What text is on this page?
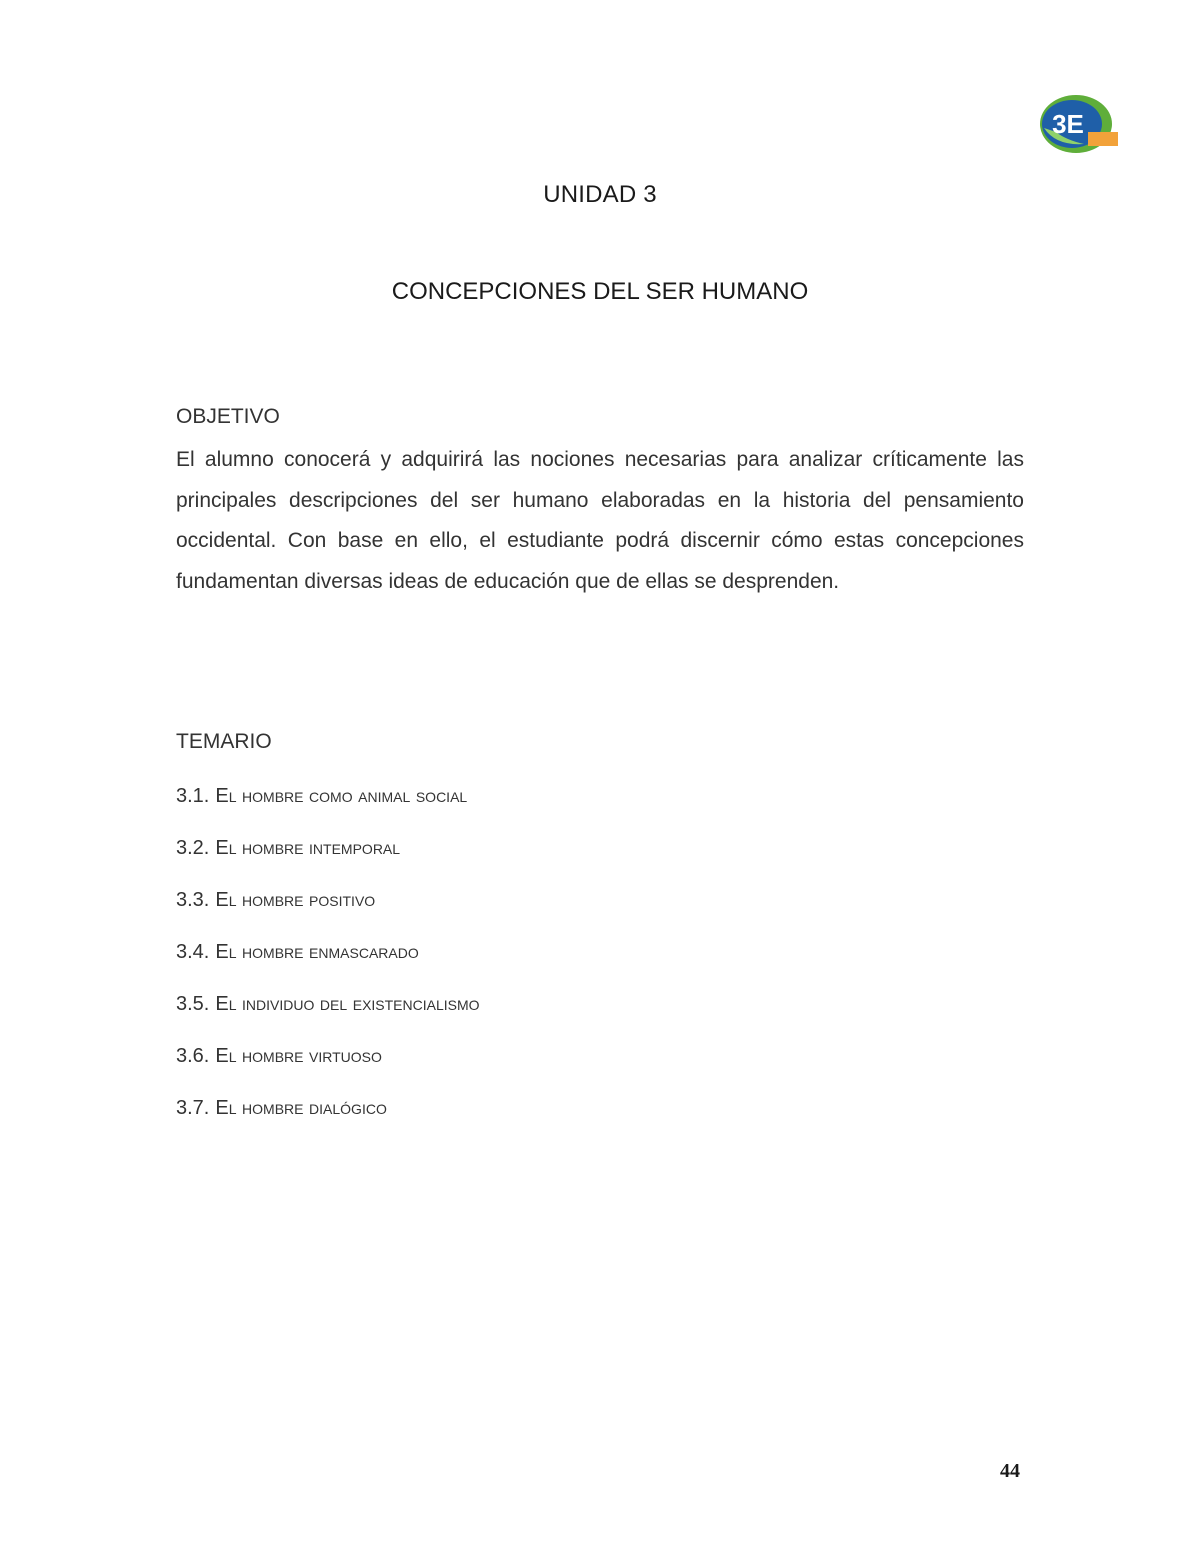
3E
UNIDAD 3
CONCEPCIONES DEL SER HUMANO
OBJETIVO
El alumno conocerá y adquirirá las nociones necesarias para analizar críticamente las principales descripciones del ser humano elaboradas en la historia del pensamiento occidental. Con base en ello, el estudiante podrá discernir cómo estas concepciones fundamentan diversas ideas de educación que de ellas se desprenden.
TEMARIO
3.1. El hombre como animal social
3.2. El hombre intemporal
3.3. El hombre positivo
3.4. El hombre enmascarado
3.5. El individuo del existencialismo
3.6. El hombre virtuoso
3.7. El hombre dialógico
44
